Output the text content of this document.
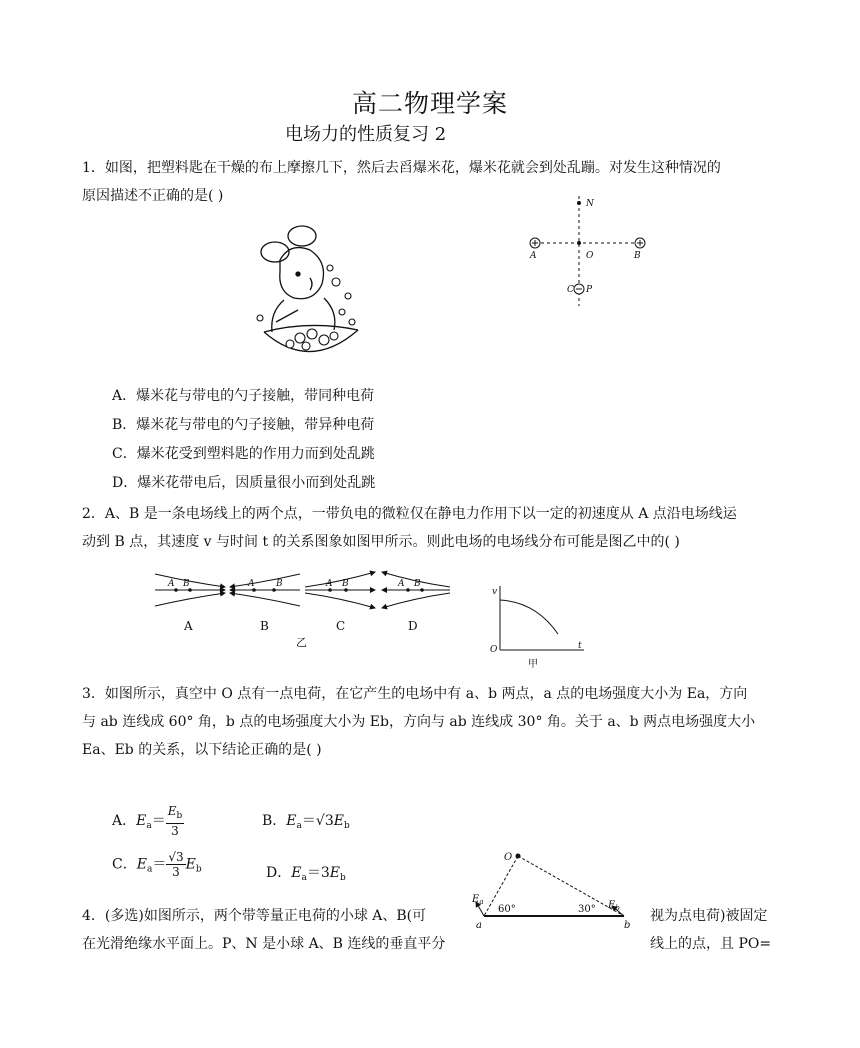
高二物理学案
电场力的性质复习 2
1．如图，把塑料匙在干燥的布上摩擦几下，然后去舀爆米花，爆米花就会到处乱蹦。对发生这种情况的
原因描述不正确的是( )	N
A	O	B
C P
A．爆米花与带电的勺子接触，带同种电荷
B．爆米花与带电的勺子接触，带异种电荷
C．爆米花受到塑料匙的作用力而到处乱跳
D．爆米花带电后，因质量很小而到处乱跳
2．A、B 是一条电场线上的两个点，一带负电的微粒仅在静电力作用下以一定的初速度从 A 点沿电场线运
动到 B 点，其速度 v 与时间 t 的关系图象如图甲所示。则此电场的电场线分布可能是图乙中的( )
A B	A B	A B	A B
A	B	C	D
乙
v
t
O
甲
3．如图所示，真空中 O 点有一点电荷，在它产生的电场中有 a、b 两点，a 点的电场强度大小为 Ea，方向
与 ab 连线成 60° 角，b 点的电场强度大小为 Eb，方向与 ab 连线成 30° 角。关于 a、b 两点电场强度大小
Ea、Eb 的关系，以下结论正确的是( )
A．$E_a= \frac{E_b}{3}$	B．$E_a=√3E_b$
C．$E_a= \frac{√3}{3} E_b$	D．$E_a=3E_b$
O
$E_a$	$E_b$
60°	30°
a	b
4．(多选)如图所示，两个带等量正电荷的小球 A、B(可
在光滑绝缘水平面上。P、N 是小球 A、B 连线的垂直平分
视为点电荷)被固定
线上的点，且 PO=
